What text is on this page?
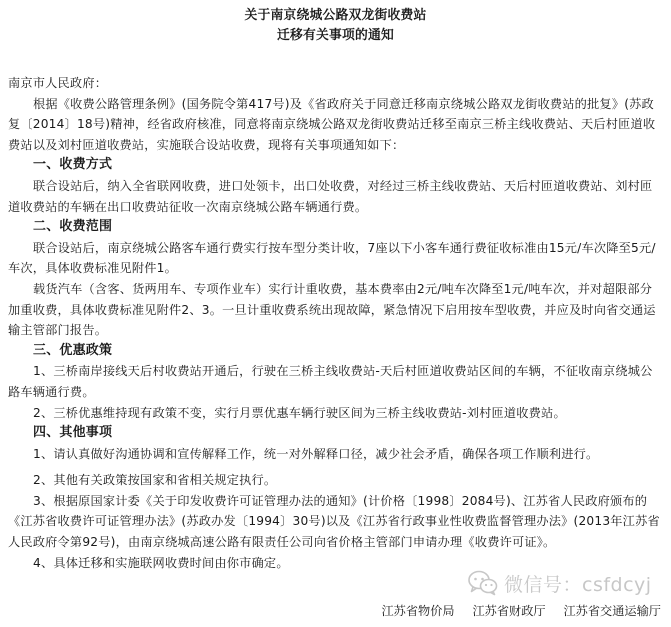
关于南京绕城公路双龙街收费站

迁移有关事项的通知

南京市人民政府：

根据《收费公路管理条例》(国务院令第417号)及《省政府关于同意迁移南京绕城公路双龙街收费站的批复》(苏政复〔2014〕18号)精神，经省政府核准，同意将南京绕城公路双龙街收费站迁移至南京三桥主线收费站、天后村匝道收费站以及刘村匝道收费站，实施联合设站收费，现将有关事项通知如下：

一、收费方式

联合设站后，纳入全省联网收费，进口处领卡，出口处收费，对经过三桥主线收费站、天后村匝道收费站、刘村匝道收费站的车辆在出口收费站征收一次南京绕城公路车辆通行费。

二、收费范围

联合设站后，南京绕城公路客车通行费实行按车型分类计收，7座以下小客车通行费征收标准由15元/车次降至5元/车次，具体收费标准见附件1。

载货汽车（含客、货两用车、专项作业车）实行计重收费，基本费率由2元/吨车次降至1元/吨车次，并对超限部分加重收费，具体收费标准见附件2、3。一旦计重收费系统出现故障，紧急情况下启用按车型收费，并应及时向省交通运输主管部门报告。

三、优惠政策

1、三桥南岸接线天后村收费站开通后，行驶在三桥主线收费站-天后村匝道收费站区间的车辆，不征收南京绕城公路车辆通行费。

2、三桥优惠维持现有政策不变，实行月票优惠车辆行驶区间为三桥主线收费站-刘村匝道收费站。

四、其他事项

1、请认真做好沟通协调和宣传解释工作，统一对外解释口径，减少社会矛盾，确保各项工作顺利进行。

2、其他有关政策按国家和省相关规定执行。

3、根据原国家计委《关于印发收费许可证管理办法的通知》(计价格〔1998〕2084号)、江苏省人民政府颁布的《江苏省收费许可证管理办法》(苏政办发〔1994〕30号)以及《江苏省行政事业性收费监督管理办法》(2013年江苏省人民政府令第92号)，由南京绕城高速公路有限责任公司向省价格主管部门申请办理《收费许可证》。

4、具体迁移和实施联网收费时间由你市确定。

微信号：csfdcyj
江苏省物价局 江苏省财政厅 江苏省交通运输厅
